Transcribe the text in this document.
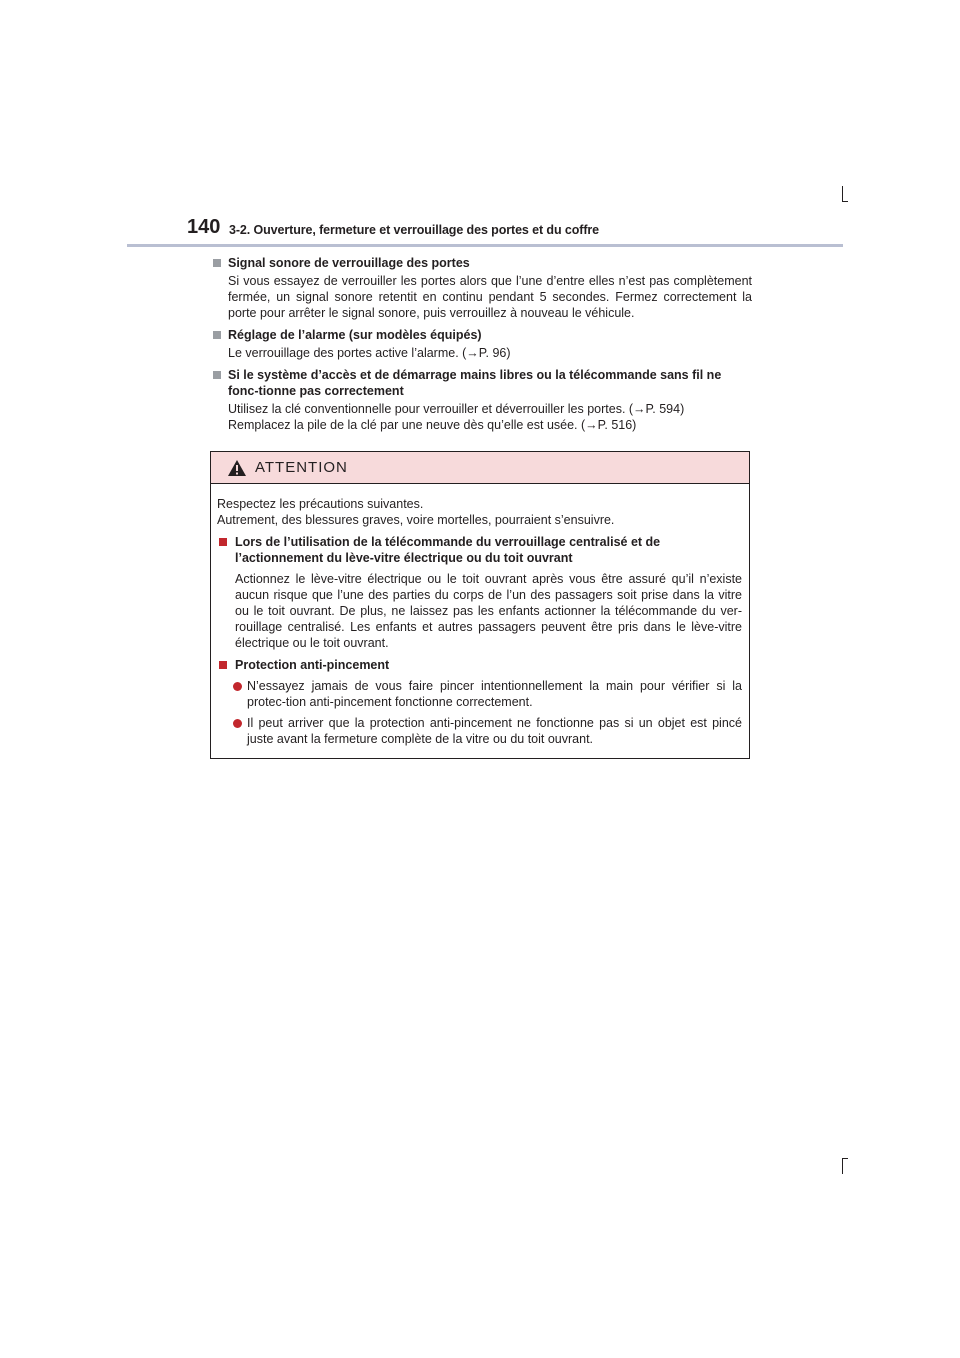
140 3-2. Ouverture, fermeture et verrouillage des portes et du coffre
Signal sonore de verrouillage des portes

Si vous essayez de verrouiller les portes alors que l’une d’entre elles n’est pas complètement fermée, un signal sonore retentit en continu pendant 5 secondes. Fermez correctement la porte pour arrêter le signal sonore, puis verrouillez à nouveau le véhicule.

Réglage de l’alarme (sur modèles équipés)

Le verrouillage des portes active l’alarme. (→P. 96)

Si le système d’accès et de démarrage mains libres ou la télécommande sans fil ne fonc-tionne pas correctement

Utilisez la clé conventionnelle pour verrouiller et déverrouiller les portes. (→P. 594)

Remplacez la pile de la clé par une neuve dès qu’elle est usée. (→P. 516)

ATTENTION

Respectez les précautions suivantes.

Autrement, des blessures graves, voire mortelles, pourraient s’ensuivre.

Lors de l’utilisation de la télécommande du verrouillage centralisé et de l’actionnement du lève-vitre électrique ou du toit ouvrant
Actionnez le lève-vitre électrique ou le toit ouvrant après vous être assuré qu’il n’existe aucun risque que l’une des parties du corps de l’un des passagers soit prise dans la vitre ou le toit ouvrant. De plus, ne laissez pas les enfants actionner la télécommande du ver-rouillage centralisé. Les enfants et autres passagers peuvent être pris dans le lève-vitre électrique ou le toit ouvrant.
Protection anti-pincement
N’essayez jamais de vous faire pincer intentionnellement la main pour vérifier si la protec-tion anti-pincement fonctionne correctement.
Il peut arriver que la protection anti-pincement ne fonctionne pas si un objet est pincé juste avant la fermeture complète de la vitre ou du toit ouvrant.
